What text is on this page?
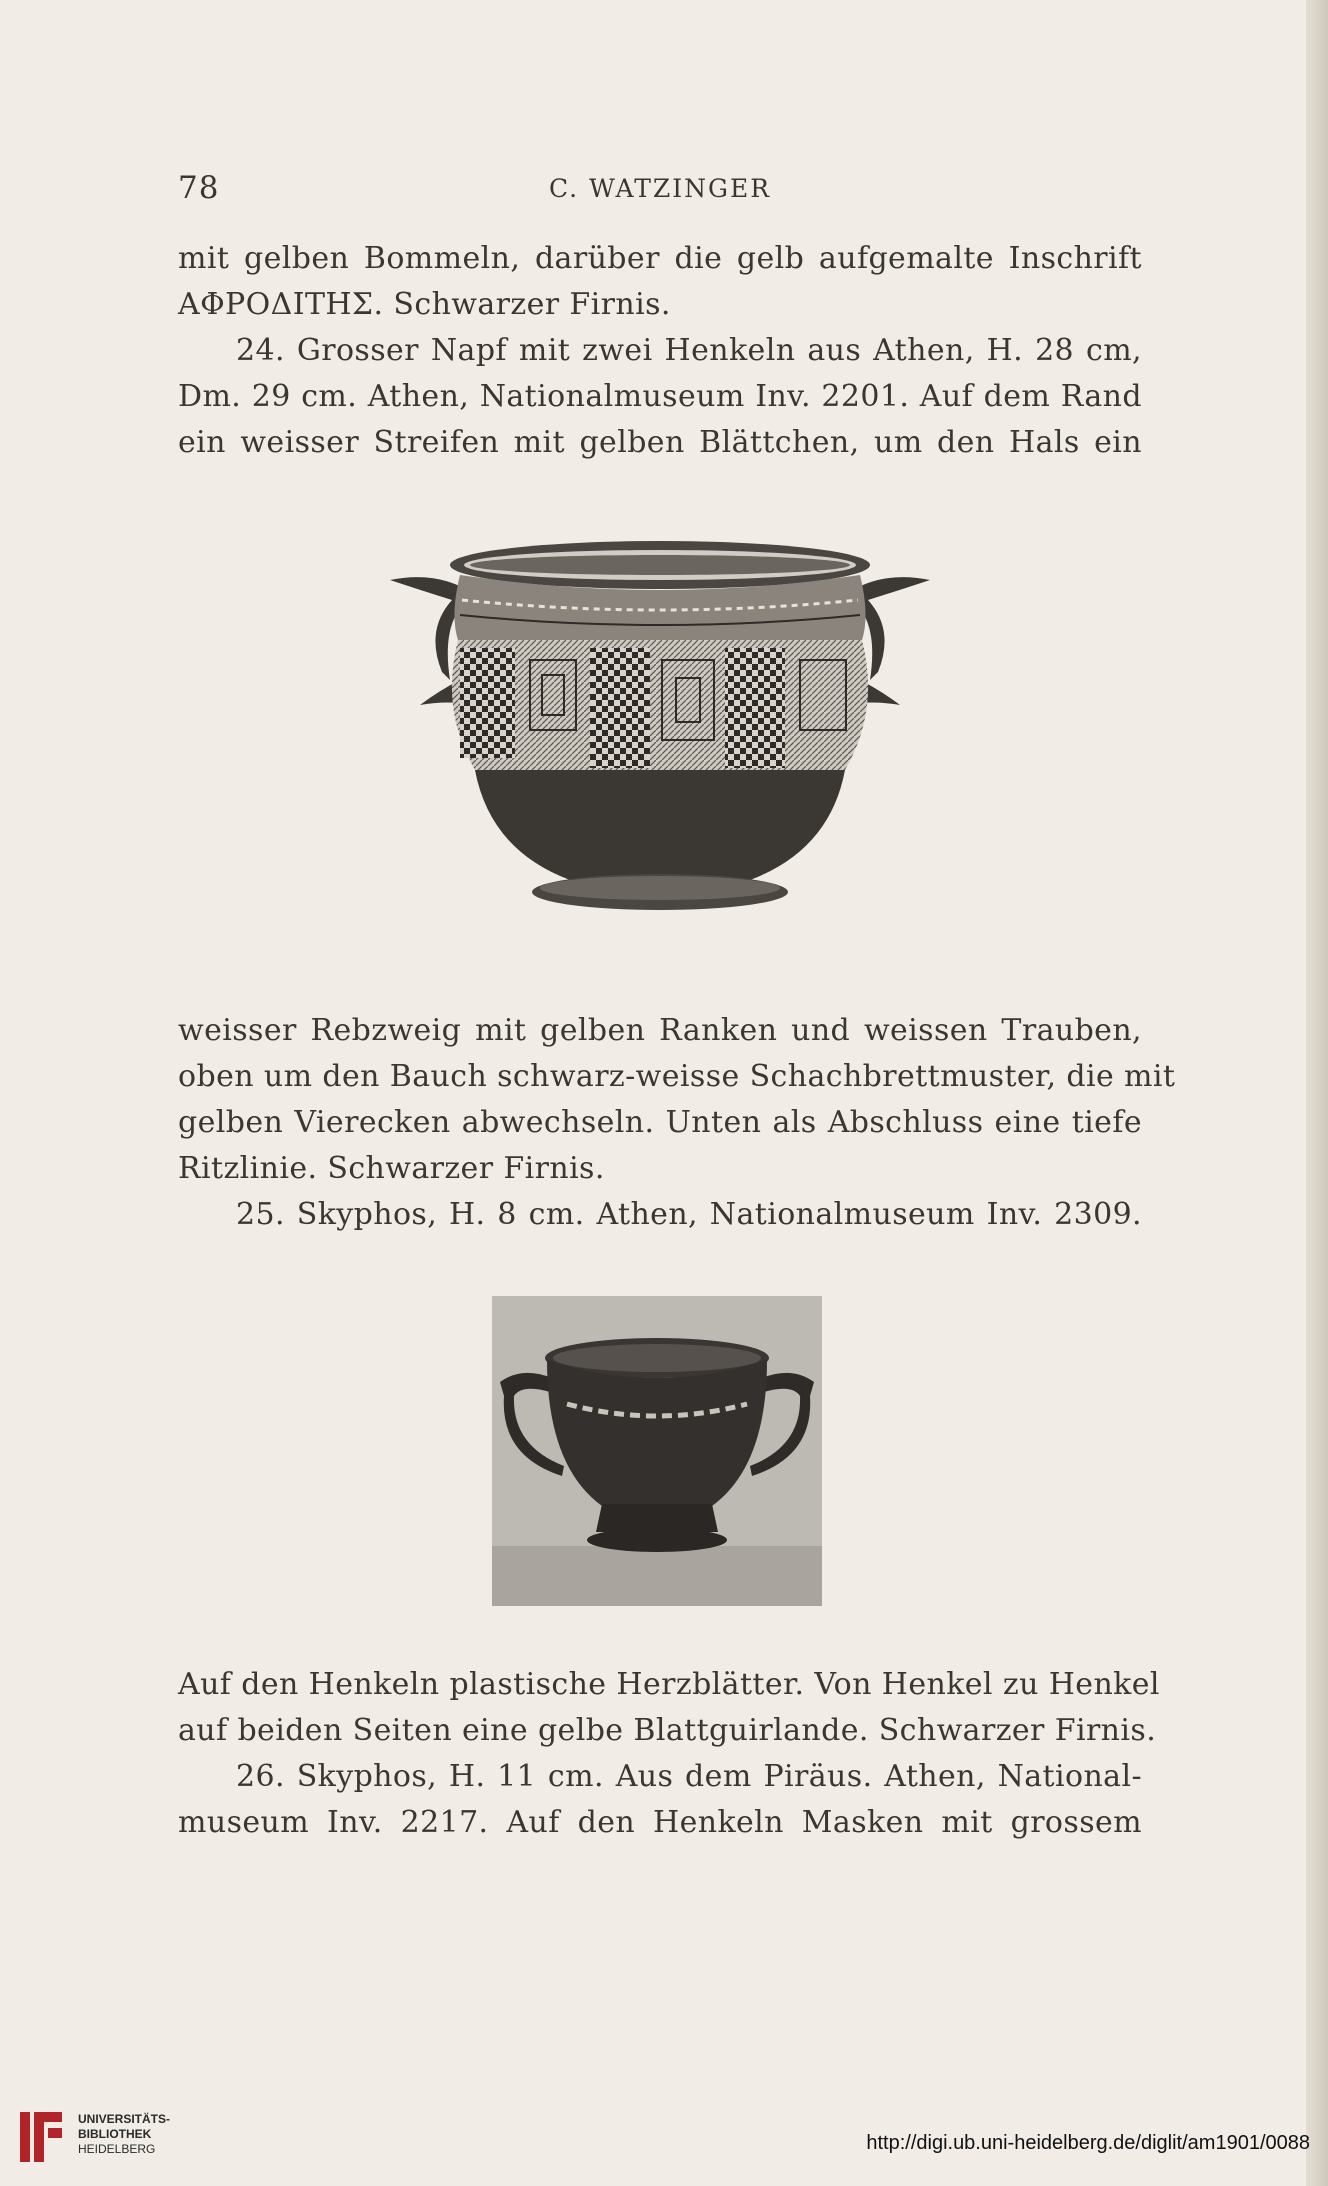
78	C. WATZINGER
mit gelben Bommeln, darüber die gelb aufgemalte Inschrift
ΑΦΡΟΔΙΤΗΣ. Schwarzer Firnis.
24. Grosser Napf mit zwei Henkeln aus Athen, H. 28 cm,
Dm. 29 cm. Athen, Nationalmuseum Inv. 2201. Auf dem Rand
ein weisser Streifen mit gelben Blättchen, um den Hals ein
weisser Rebzweig mit gelben Ranken und weissen Trauben,
oben um den Bauch schwarz-weisse Schachbrettmuster, die mit
gelben Vierecken abwechseln. Unten als Abschluss eine tiefe
Ritzlinie. Schwarzer Firnis.
25. Skyphos, H. 8 cm. Athen, Nationalmuseum Inv. 2309.
Auf den Henkeln plastische Herzblätter. Von Henkel zu Henkel
auf beiden Seiten eine gelbe Blattguirlande. Schwarzer Firnis.
26. Skyphos, H. 11 cm. Aus dem Piräus. Athen, National-
museum Inv. 2217. Auf den Henkeln Masken mit grossem
UNIVERSITÄTS-
BIBLIOTHEK
HEIDELBERG	http://digi.ub.uni-heidelberg.de/diglit/am1901/0088
